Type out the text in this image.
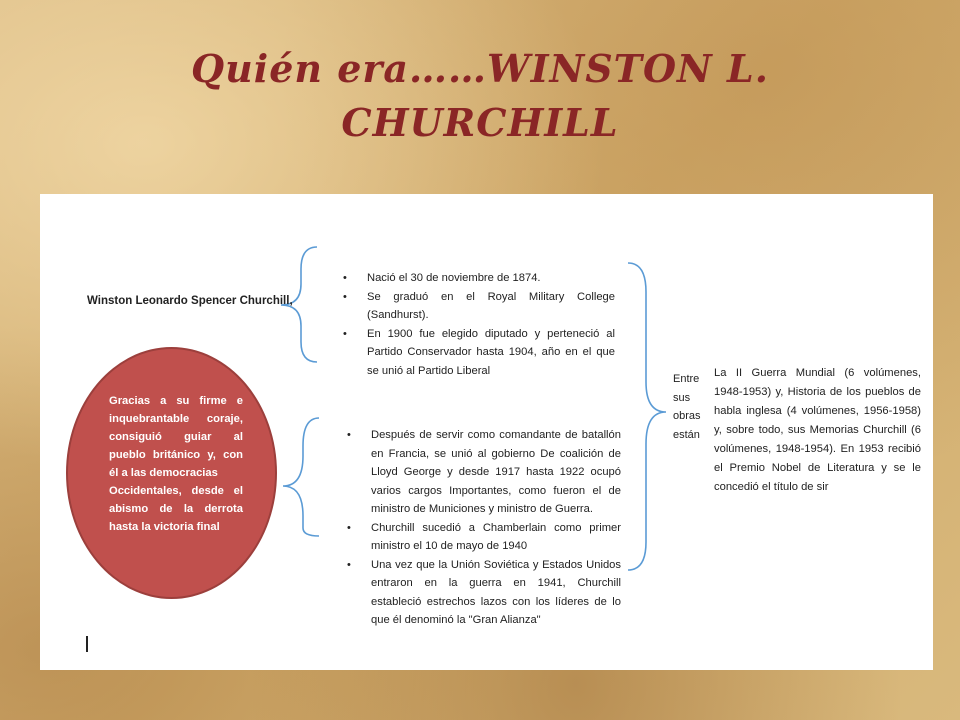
Quién era……WINSTON L.
CHURCHILL
Winston Leonardo Spencer Churchill,

Gracias a su firme e inquebrantable coraje, consiguió guiar al pueblo británico y, con él a las democracias

Occidentales, desde el abismo de la derrota hasta la victoria final

• Nació el 30 de noviembre de 1874.
• Se graduó en el Royal Military College (Sandhurst).
• En 1900 fue elegido diputado y perteneció al Partido Conservador hasta 1904, año en el que se unió al Partido Liberal
• Después de servir como comandante de batallón en Francia, se unió al gobierno De coalición de Lloyd George y desde 1917 hasta 1922 ocupó varios cargos Importantes, como fueron el de ministro de Municiones y ministro de Guerra.
• Churchill sucedió a Chamberlain como primer ministro el 10 de mayo de 1940
• Una vez que la Unión Soviética y Estados Unidos entraron en la guerra en 1941, Churchill estableció estrechos lazos con los líderes de lo que él denominó la "Gran Alianza"
Entre sus obras están
La II Guerra Mundial (6 volúmenes, 1948-1953) y, Historia de los pueblos de habla inglesa (4 volúmenes, 1956-1958) y, sobre todo, sus Memorias Churchill (6 volúmenes, 1948-1954). En 1953 recibió el Premio Nobel de Literatura y se le concedió el título de sir
